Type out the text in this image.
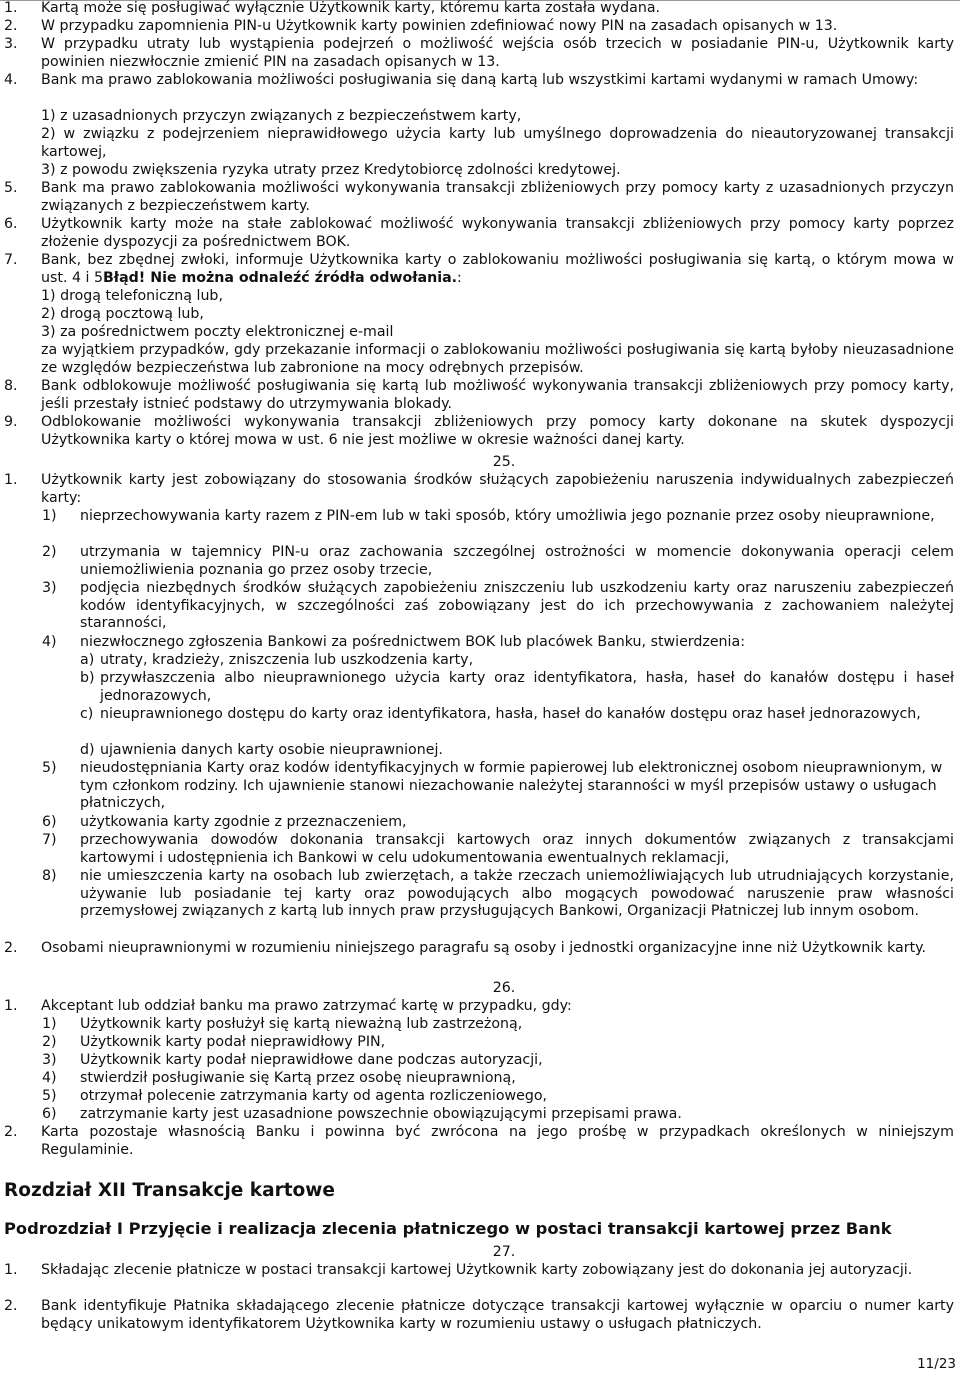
1. Kartą może się posługiwać wyłącznie Użytkownik karty, któremu karta została wydana.
2. W przypadku zapomnienia PIN-u Użytkownik karty powinien zdefiniować nowy PIN na zasadach opisanych w 13.
3. W przypadku utraty lub wystąpienia podejrzeń o możliwość wejścia osób trzecich w posiadanie PIN-u, Użytkownik karty powinien niezwłocznie zmienić PIN na zasadach opisanych w 13.
4. Bank ma prawo zablokowania możliwości posługiwania się daną kartą lub wszystkimi kartami wydanymi w ramach Umowy:
1) z uzasadnionych przyczyn związanych z bezpieczeństwem karty,
2) w związku z podejrzeniem nieprawidłowego użycia karty lub umyślnego doprowadzenia do nieautoryzowanej transakcji kartowej,
3) z powodu zwiększenia ryzyka utraty przez Kredytobiorcę zdolności kredytowej.
5. Bank ma prawo zablokowania możliwości wykonywania transakcji zbliżeniowych przy pomocy karty z uzasadnionych przyczyn związanych z bezpieczeństwem karty.
6. Użytkownik karty może na stałe zablokować możliwość wykonywania transakcji zbliżeniowych przy pomocy karty poprzez złożenie dyspozycji za pośrednictwem BOK.
7. Bank, bez zbędnej zwłoki, informuje Użytkownika karty o zablokowaniu możliwości posługiwania się kartą, o którym mowa w ust. 4 i 5Błąd! Nie można odnaleźć źródła odwołania.:
1) drogą telefoniczną lub,
2) drogą pocztową lub,
3) za pośrednictwem poczty elektronicznej e-mail
za wyjątkiem przypadków, gdy przekazanie informacji o zablokowaniu możliwości posługiwania się kartą byłoby nieuzasadnione ze względów bezpieczeństwa lub zabronione na mocy odrębnych przepisów.
8. Bank odblokowuje możliwość posługiwania się kartą lub możliwość wykonywania transakcji zbliżeniowych przy pomocy karty, jeśli przestały istnieć podstawy do utrzymywania blokady.
9. Odblokowanie możliwości wykonywania transakcji zbliżeniowych przy pomocy karty dokonane na skutek dyspozycji Użytkownika karty o której mowa w ust. 6 nie jest możliwe w okresie ważności danej karty.
25.
1. Użytkownik karty jest zobowiązany do stosowania środków służących zapobieżeniu naruszenia indywidualnych zabezpieczeń karty:
1) nieprzechowywania karty razem z PIN-em lub w taki sposób, który umożliwia jego poznanie przez osoby nieuprawnione,
2) utrzymania w tajemnicy PIN-u oraz zachowania szczególnej ostrożności w momencie dokonywania operacji celem uniemożliwienia poznania go przez osoby trzecie,
3) podjęcia niezbędnych środków służących zapobieżeniu zniszczeniu lub uszkodzeniu karty oraz naruszeniu zabezpieczeń kodów identyfikacyjnych, w szczególności zaś zobowiązany jest do ich przechowywania z zachowaniem należytej staranności,
4) niezwłocznego zgłoszenia Bankowi za pośrednictwem BOK lub placówek Banku, stwierdzenia:
a) utraty, kradzieży, zniszczenia lub uszkodzenia karty,
b) przywłaszczenia albo nieuprawnionego użycia karty oraz identyfikatora, hasła, haseł do kanałów dostępu i haseł jednorazowych,
c) nieuprawnionego dostępu do karty oraz identyfikatora, hasła, haseł do kanałów dostępu oraz haseł jednorazowych,
d) ujawnienia danych karty osobie nieuprawnionej.
5) nieudostępniania Karty oraz kodów identyfikacyjnych w formie papierowej lub elektronicznej osobom nieuprawnionym, w tym członkom rodziny. Ich ujawnienie stanowi niezachowanie należytej staranności w myśl przepisów ustawy o usługach płatniczych,
6) użytkowania karty zgodnie z przeznaczeniem,
7) przechowywania dowodów dokonania transakcji kartowych oraz innych dokumentów związanych z transakcjami kartowymi i udostępnienia ich Bankowi w celu udokumentowania ewentualnych reklamacji,
8) nie umieszczenia karty na osobach lub zwierzętach, a także rzeczach uniemożliwiających lub utrudniających korzystanie, używanie lub posiadanie tej karty oraz powodujących albo mogących powodować naruszenie praw własności przemysłowej związanych z kartą lub innych praw przysługujących Bankowi, Organizacji Płatniczej lub innym osobom.
2. Osobami nieuprawnionymi w rozumieniu niniejszego paragrafu są osoby i jednostki organizacyjne inne niż Użytkownik karty.
26.
1. Akceptant lub oddział banku ma prawo zatrzymać kartę w przypadku, gdy:
1) Użytkownik karty posłużył się kartą nieważną lub zastrzeżoną,
2) Użytkownik karty podał nieprawidłowy PIN,
3) Użytkownik karty podał nieprawidłowe dane podczas autoryzacji,
4) stwierdził posługiwanie się Kartą przez osobę nieuprawnioną,
5) otrzymał polecenie zatrzymania karty od agenta rozliczeniowego,
6) zatrzymanie karty jest uzasadnione powszechnie obowiązującymi przepisami prawa.
2. Karta pozostaje własnością Banku i powinna być zwrócona na jego prośbę w przypadkach określonych w niniejszym Regulaminie.
Rozdział XII Transakcje kartowe
Podrozdział I Przyjęcie i realizacja zlecenia płatniczego w postaci transakcji kartowej przez Bank
27.
1. Składając zlecenie płatnicze w postaci transakcji kartowej Użytkownik karty zobowiązany jest do dokonania jej autoryzacji.
2. Bank identyfikuje Płatnika składającego zlecenie płatnicze dotyczące transakcji kartowej wyłącznie w oparciu o numer karty będący unikatowym identyfikatorem Użytkownika karty w rozumieniu ustawy o usługach płatniczych.
11/23
